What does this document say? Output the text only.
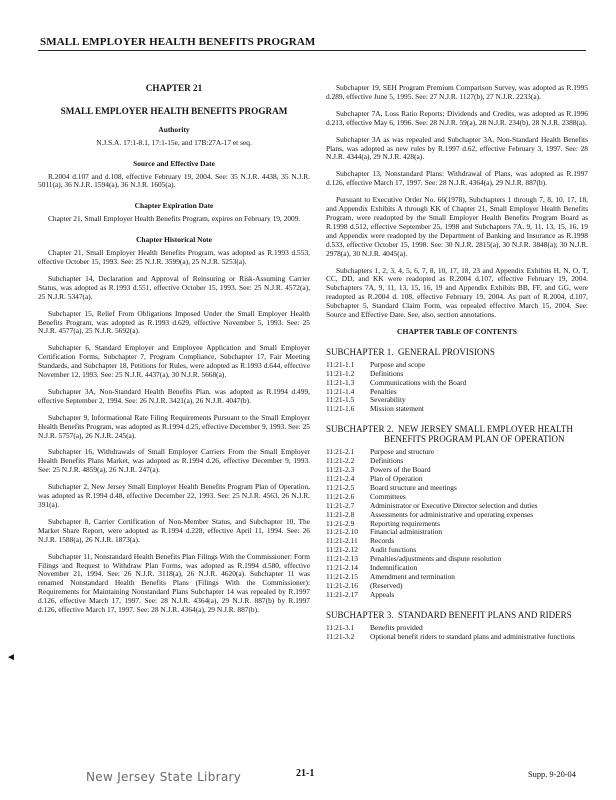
SMALL EMPLOYER HEALTH BENEFITS PROGRAM
CHAPTER 21
SMALL EMPLOYER HEALTH BENEFITS PROGRAM
Authority
N.J.S.A. 17:1-8.1, 17:1-15e, and 17B:27A-17 et seq.
Source and Effective Date

R.2004 d.107 and d.108, effective February 19, 2004. See: 35 N.J.R. 4438, 35 N.J.R. 5011(a), 36 N.J.R. 1594(a), 36 N.J.R. 1605(a).

Chapter Expiration Date

Chapter 21, Small Employer Health Benefits Program, expires on February 19, 2009.

Chapter Historical Note

Chapter 21, Small Employer Health Benefits Program, was adopted as R.1993 d.553, effective October 15, 1993. See: 25 N.J.R. 3599(a), 25 N.J.R. 5253(a).

Subchapter 14, Declaration and Approval of Reinsuring or Risk-Assuming Carrier Status, was adopted as R.1993 d.551, effective October 15, 1993. See: 25 N.J.R. 4572(a), 25 N.J.R. 5347(a).

Subchapter 15, Relief From Obligations Imposed Under the Small Employer Health Benefits Program, was adopted as R.1993 d.629, effective November 5, 1993. See: 25 N.J.R. 4577(a), 25 N.J.R. 5692(a).

Subchapter 6, Standard Employer and Employee Application and Small Employer Certification Forms, Subchapter 7, Program Compliance, Subchapter 17, Fair Meeting Standards, and Subchapter 18, Petitions for Rules, were adopted as R.1993 d.644, effective November 12, 1993. See: 25 N.J.R. 4437(a), 30 N.J.R. 5668(a).

Subchapter 3A, Non-Standard Health Benefits Plan, was adopted as R.1994 d.499, effective September 2, 1994. See: 26 N.J.R. 3421(a), 26 N.J.R. 4047(b).

Subchapter 9, Informational Rate Filing Requirements Pursuant to the Small Employer Health Benefits Program, was adopted as R.1994 d.25, effective December 9, 1993. See: 25 N.J.R. 5757(a), 26 N.J.R. 245(a).

Subchapter 16, Withdrawals of Small Employer Carriers From the Small Employer Health Benefits Plans Market, was adopted as R.1994 d.26, effective December 9, 1993. See: 25 N.J.R. 4859(a), 26 N.J.R. 247(a).

Subchapter 2, New Jersey Small Employer Health Benefits Program Plan of Operation, was adopted as R.1994 d.48, effective December 22, 1993. See: 25 N.J.R. 4563, 26 N.J.R. 391(a).

Subchapter 8, Carrier Certification of Non-Member Status, and Subchapter 10, The Market Share Report, were adopted as R.1994 d.228, effective April 11, 1994. See: 26 N.J.R. 1588(a), 26 N.J.R. 1873(a).

Subchapter 11, Nonstandard Health Benefits Plan Filings With the Commissioner: Form Filings and Request to Withdraw Plan Forms, was adopted as R.1994 d.580, effective November 21, 1994. See: 26 N.J.R. 3118(a), 26 N.J.R. 4620(a). Subchapter 11 was renamed Nonstandard Health Benefits Plans (Filings With the Commissioner): Requirements for Maintaining Nonstandard Plans Subchapter 14 was repealed by R.1997 d.126, effective March 17, 1997. See: 28 N.J.R. 4364(a), 29 N.J.R. 887(b) by R.1997 d.126, effective March 17, 1997. See: 28 N.J.R. 4364(a), 29 N.J.R. 887(b).

Subchapter 19, SEH Program Premium Comparison Survey, was adopted as R.1995 d.289, effective June 5, 1995. See: 27 N.J.R. 1127(b), 27 N.J.R. 2233(a).

Subchapter 7A, Loss Ratio Reports; Dividends and Credits, was adopted as R.1996 d.213, effective May 6, 1996. See: 28 N.J.R. 59(a), 28 N.J.R. 234(b), 28 N.J.R. 2388(a).

Subchapter 3A as was repealed and Subchapter 3A, Non-Standard Health Benefits Plans, was adopted as new rules by R.1997 d.62, effective February 3, 1997. See: 28 N.J.R. 4344(a), 29 N.J.R. 428(a).

Subchapter 13, Nonstandard Plans: Withdrawal of Plans, was adopted as R.1997 d.126, effective March 17, 1997. See: 28 N.J.R. 4364(a), 29 N.J.R. 887(b).

Pursuant to Executive Order No. 66(1978), Subchapters 1 through 7, 8, 10, 17, 18, and Appendix Exhibits A through KK of Chapter 21, Small Employer Health Benefits Program, were readopted by the Small Employer Health Benefits Program Board as R.1998 d.512, effective September 25, 1998 and Subchapters 7A, 9, 11, 13, 15, 16, 19 and Appendix were readopted by the Department of Banking and Insurance as R.1998 d.533, effective October 15, 1998. See: 30 N.J.R. 2815(a), 30 N.J.R. 3848(a); 30 N.J.R. 2978(a), 30 N.J.R. 4045(a).

Subchapters 1, 2, 3, 4, 5, 6, 7, 8, 10, 17, 18, 23 and Appendix Exhibits H, N, O, T, CC, DD, and KK were readopted as R.2004 d.107, effective February 19, 2004. Subchapters 7A, 9, 11, 13, 15, 16, 19 and Appendix Exhibits BB, FF, and GG, were readopted as R.2004 d. 108, effective February 19, 2004. As part of R.2004, d.107, Subchapter 5, Standard Claim Form, was repealed effective March 15, 2004. See: Source and Effective Date. See, also, section annotations.

CHAPTER TABLE OF CONTENTS
SUBCHAPTER 1. GENERAL PROVISIONS
11:21-1.1	Purpose and scope
11:21-1.2	Definitions
11:21-1.3	Communications with the Board
11:21-1.4	Penalties
11:21-1.5	Severability
11:21-1.6	Mission statement
SUBCHAPTER 2. NEW JERSEY SMALL EMPLOYER HEALTH BENEFITS PROGRAM PLAN OF OPERATION
11:21-2.1	Purpose and structure
11:21-2.2	Definitions
11:21-2.3	Powers of the Board
11:21-2.4	Plan of Operation
11:21-2.5	Board structure and meetings
11:21-2.6	Committees
11:21-2.7	Administrator or Executive Director selection and duties
11:21-2.8	Assessments for administrative and operating expenses
11:21-2.9	Reporting requirements
11:21-2.10	Financial administration
11:21-2.11	Records
11:21-2.12	Audit functions
11:21-2.13	Penalties/adjustments and dispute resolution
11:21-2.14	Indemnification
11:21-2.15	Amendment and termination
11:21-2.16	(Reserved)
11:21-2.17	Appeals
SUBCHAPTER 3. STANDARD BENEFIT PLANS AND RIDERS
11:21-3.1	Benefits provided
11:21-3.2	Optional benefit riders to standard plans and administrative functions
◄
New Jersey State Library	21-1	Supp. 9-20-04
